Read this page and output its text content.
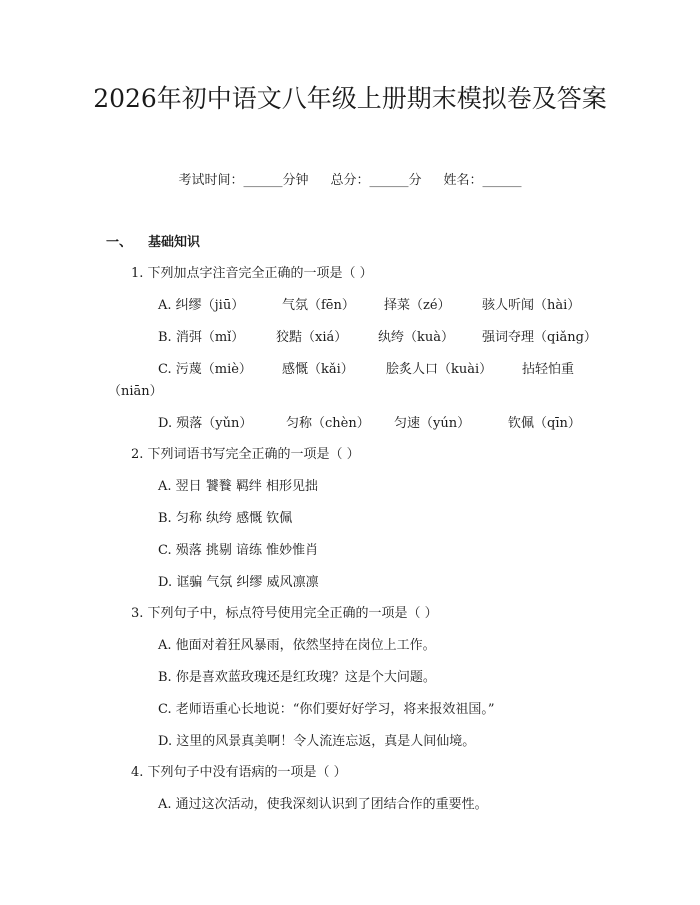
2026年初中语文八年级上册期末模拟卷及答案
考试时间：______分钟 总分：______分 姓名：______
一、 基础知识
1. 下列加点字注音完全正确的一项是（ ）
A. 纠缪（jiū）	气氛（fēn） 择菜（zé） 骇人听闻（hài）
B. 消弭（mǐ） 狡黠（xiá） 纨绔（kuà） 强词夺理（qiǎng）
C. 污蔑（miè） 感慨（kǎi） 脍炙人口（kuài） 拈轻怕重
（niān）
D. 殒落（yǔn）	匀称（chèn） 匀速（yún）	钦佩（qīn）
2. 下列词语书写完全正确的一项是（ ）
A. 翌日 饕餮 羁绊 相形见拙
B. 匀称 纨绔 感慨 钦佩
C. 殒落 挑剔 谙练 惟妙惟肖
D. 诓骗 气氛 纠缪 威风凛凛
3. 下列句子中，标点符号使用完全正确的一项是（ ）
A. 他面对着狂风暴雨，依然坚持在岗位上工作。
B. 你是喜欢蓝玫瑰还是红玫瑰？这是个大问题。
C. 老师语重心长地说：“你们要好好学习，将来报效祖国。”
D. 这里的风景真美啊！令人流连忘返，真是人间仙境。
4. 下列句子中没有语病的一项是（ ）
A. 通过这次活动，使我深刻认识到了团结合作的重要性。
